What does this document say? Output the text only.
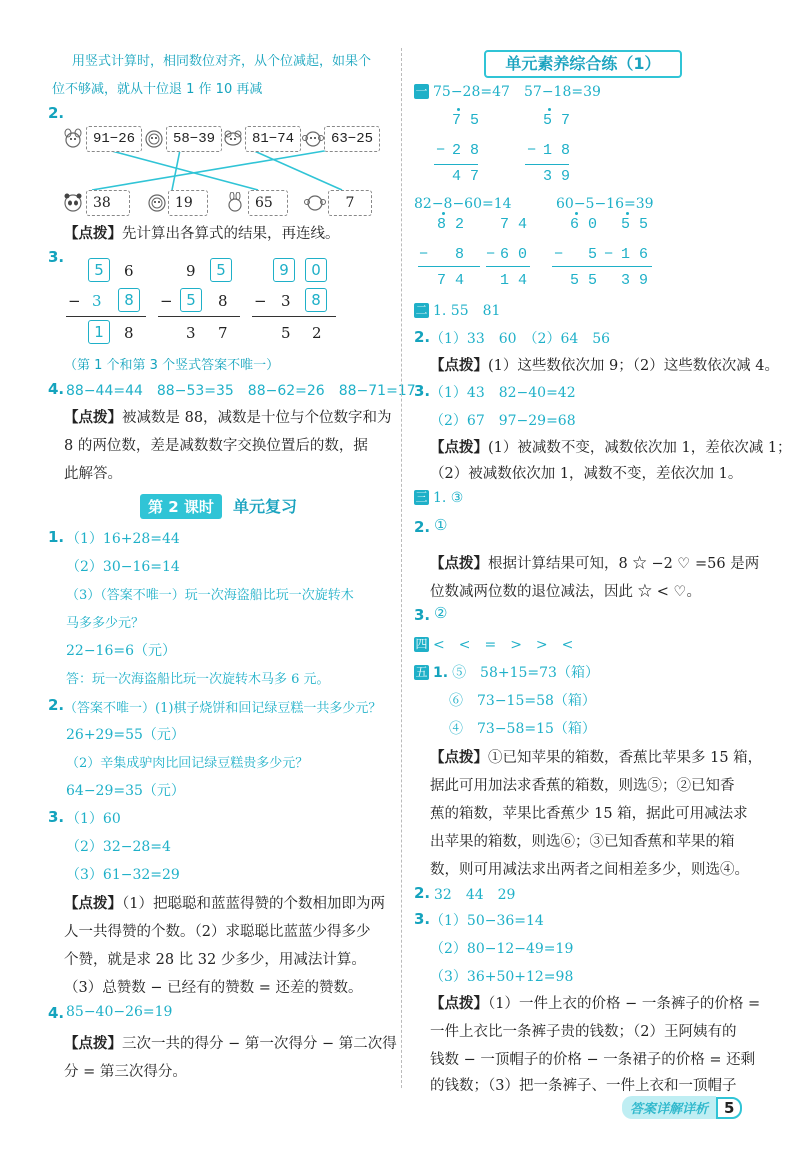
用竖式计算时，相同数位对齐，从个位减起，如果个
位不够减，就从十位退 1 作 10 再减
2.
91−26	58−39	81−74	63−25
38	19	65	7
【点拨】先计算出各算式的结果，再连线。
3.
5	6
− 3	8
1	8
9	5
− 5	8
3 7
9	0
− 3	8
5 2
（第 1 个和第 3 个竖式答案不唯一）
4. 88−44=44　88−53=35　88−62=26　88−71=17
【点拨】被减数是 88，减数是十位与个位数字和为
8 的两位数，差是减数数字交换位置后的数，据
此解答。
第 2 课时 单元复习
1. （1）16+28=44
（2）30−16=14
（3）（答案不唯一）玩一次海盗船比玩一次旋转木
马多多少元？
22−16=6（元）
答：玩一次海盗船比玩一次旋转木马多 6 元。
2. （答案不唯一）(1)棋子烧饼和回记绿豆糕一共多少元？
26+29=55（元）
（2）辛集成驴肉比回记绿豆糕贵多少元？
64−29=35（元）
3. （1）60
（2）32−28=4
（3）61−32=29
【点拨】（1）把聪聪和蓝蓝得赞的个数相加即为两
人一共得赞的个数。（2）求聪聪比蓝蓝少得多少
个赞，就是求 28 比 32 少多少，用减法计算。
（3）总赞数 − 已经有的赞数 = 还差的赞数。
4. 85−40−26=19
【点拨】三次一共的得分 − 第一次得分 − 第二次得
分 = 第三次得分。
单元素养综合练（1）
一 75−28=47 57−18=39
7 5
− 2 8
4 7
5 7
− 1 8
3 9
82−8−60=14	60−5−16=39
8 2
− 8
7 4
7 4
− 6 0
1 4
6 0
− 5
5 5
5 5
− 1 6
3 9
二 1. 55　81
2. （1）33　60　（2）64　56
【点拨】(1）这些数依次加 9；（2）这些数依次减 4。
3. （1）43　82−40=42
（2）67　97−29=68
【点拨】(1）被减数不变，减数依次加 1，差依次减 1；
（2）被减数依次加 1，减数不变，差依次加 1。
三 1. ③
2. ①
【点拨】根据计算结果可知，8 ☆ −2 ♡ =56 是两
位数减两位数的退位减法，因此 ☆ < ♡。
3. ②
四 <　<　=　>　>　<
五 1. ⑤　58+15=73（箱）
⑥　73−15=58（箱）
④　73−58=15（箱）
【点拨】①已知苹果的箱数，香蕉比苹果多 15 箱，
据此可用加法求香蕉的箱数，则选⑤；②已知香
蕉的箱数，苹果比香蕉少 15 箱，据此可用减法求
出苹果的箱数，则选⑥；③已知香蕉和苹果的箱
数，则可用减法求出两者之间相差多少，则选④。
2. 32　44　29
3. （1）50−36=14
（2）80−12−49=19
（3）36+50+12=98
【点拨】（1）一件上衣的价格 − 一条裤子的价格 =
一件上衣比一条裤子贵的钱数；（2）王阿姨有的
钱数 − 一顶帽子的价格 − 一条裙子的价格 = 还剩
的钱数；（3）把一条裤子、一件上衣和一顶帽子
答案详解详析 5
